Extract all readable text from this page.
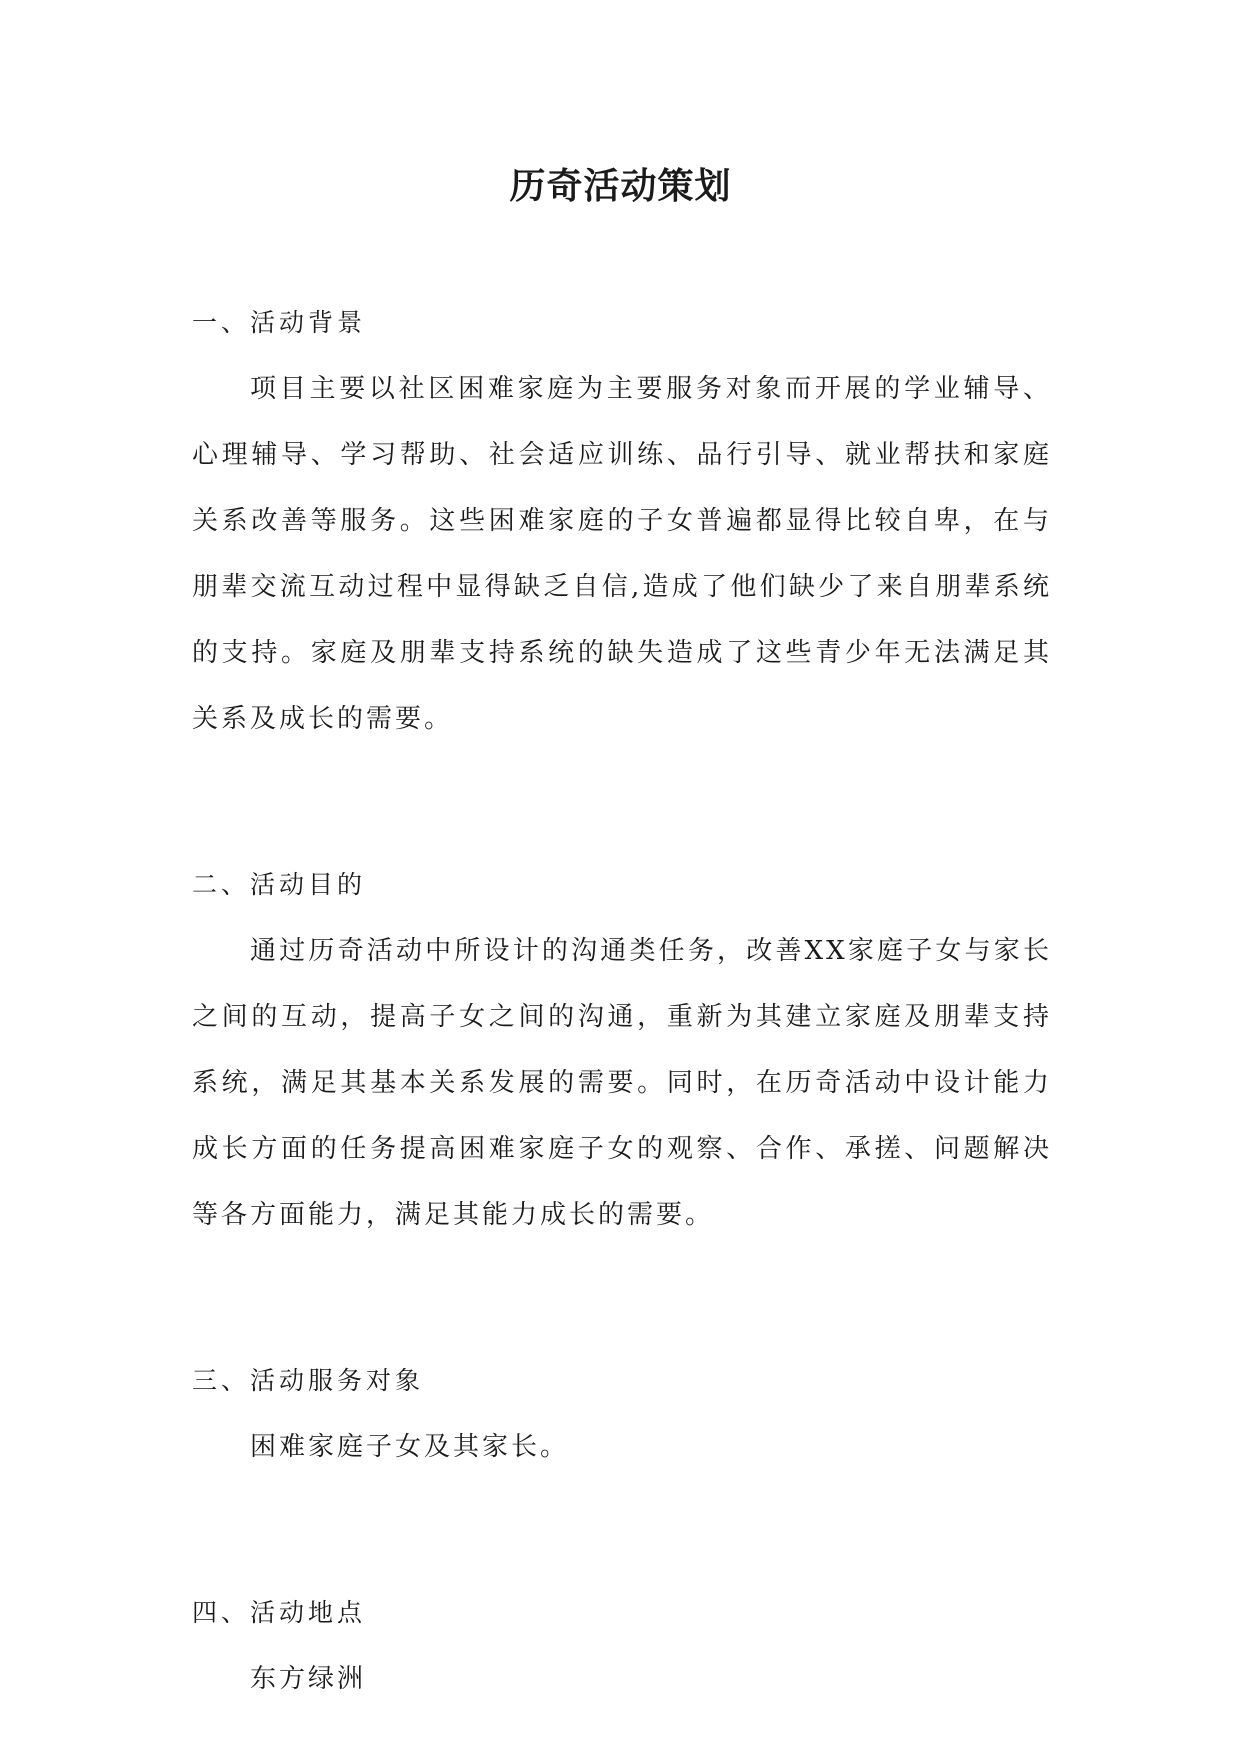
历奇活动策划
一、活动背景

项目主要以社区困难家庭为主要服务对象而开展的学业辅导、心理辅导、学习帮助、社会适应训练、品行引导、就业帮扶和家庭关系改善等服务。这些困难家庭的子女普遍都显得比较自卑，在与朋辈交流互动过程中显得缺乏自信,造成了他们缺少了来自朋辈系统的支持。家庭及朋辈支持系统的缺失造成了这些青少年无法满足其关系及成长的需要。

二、活动目的

通过历奇活动中所设计的沟通类任务，改善XX家庭子女与家长之间的互动，提高子女之间的沟通，重新为其建立家庭及朋辈支持系统，满足其基本关系发展的需要。同时，在历奇活动中设计能力成长方面的任务提高困难家庭子女的观察、合作、承搓、问题解决等各方面能力，满足其能力成长的需要。

三、活动服务对象

困难家庭子女及其家长。

四、活动地点

东方绿洲
